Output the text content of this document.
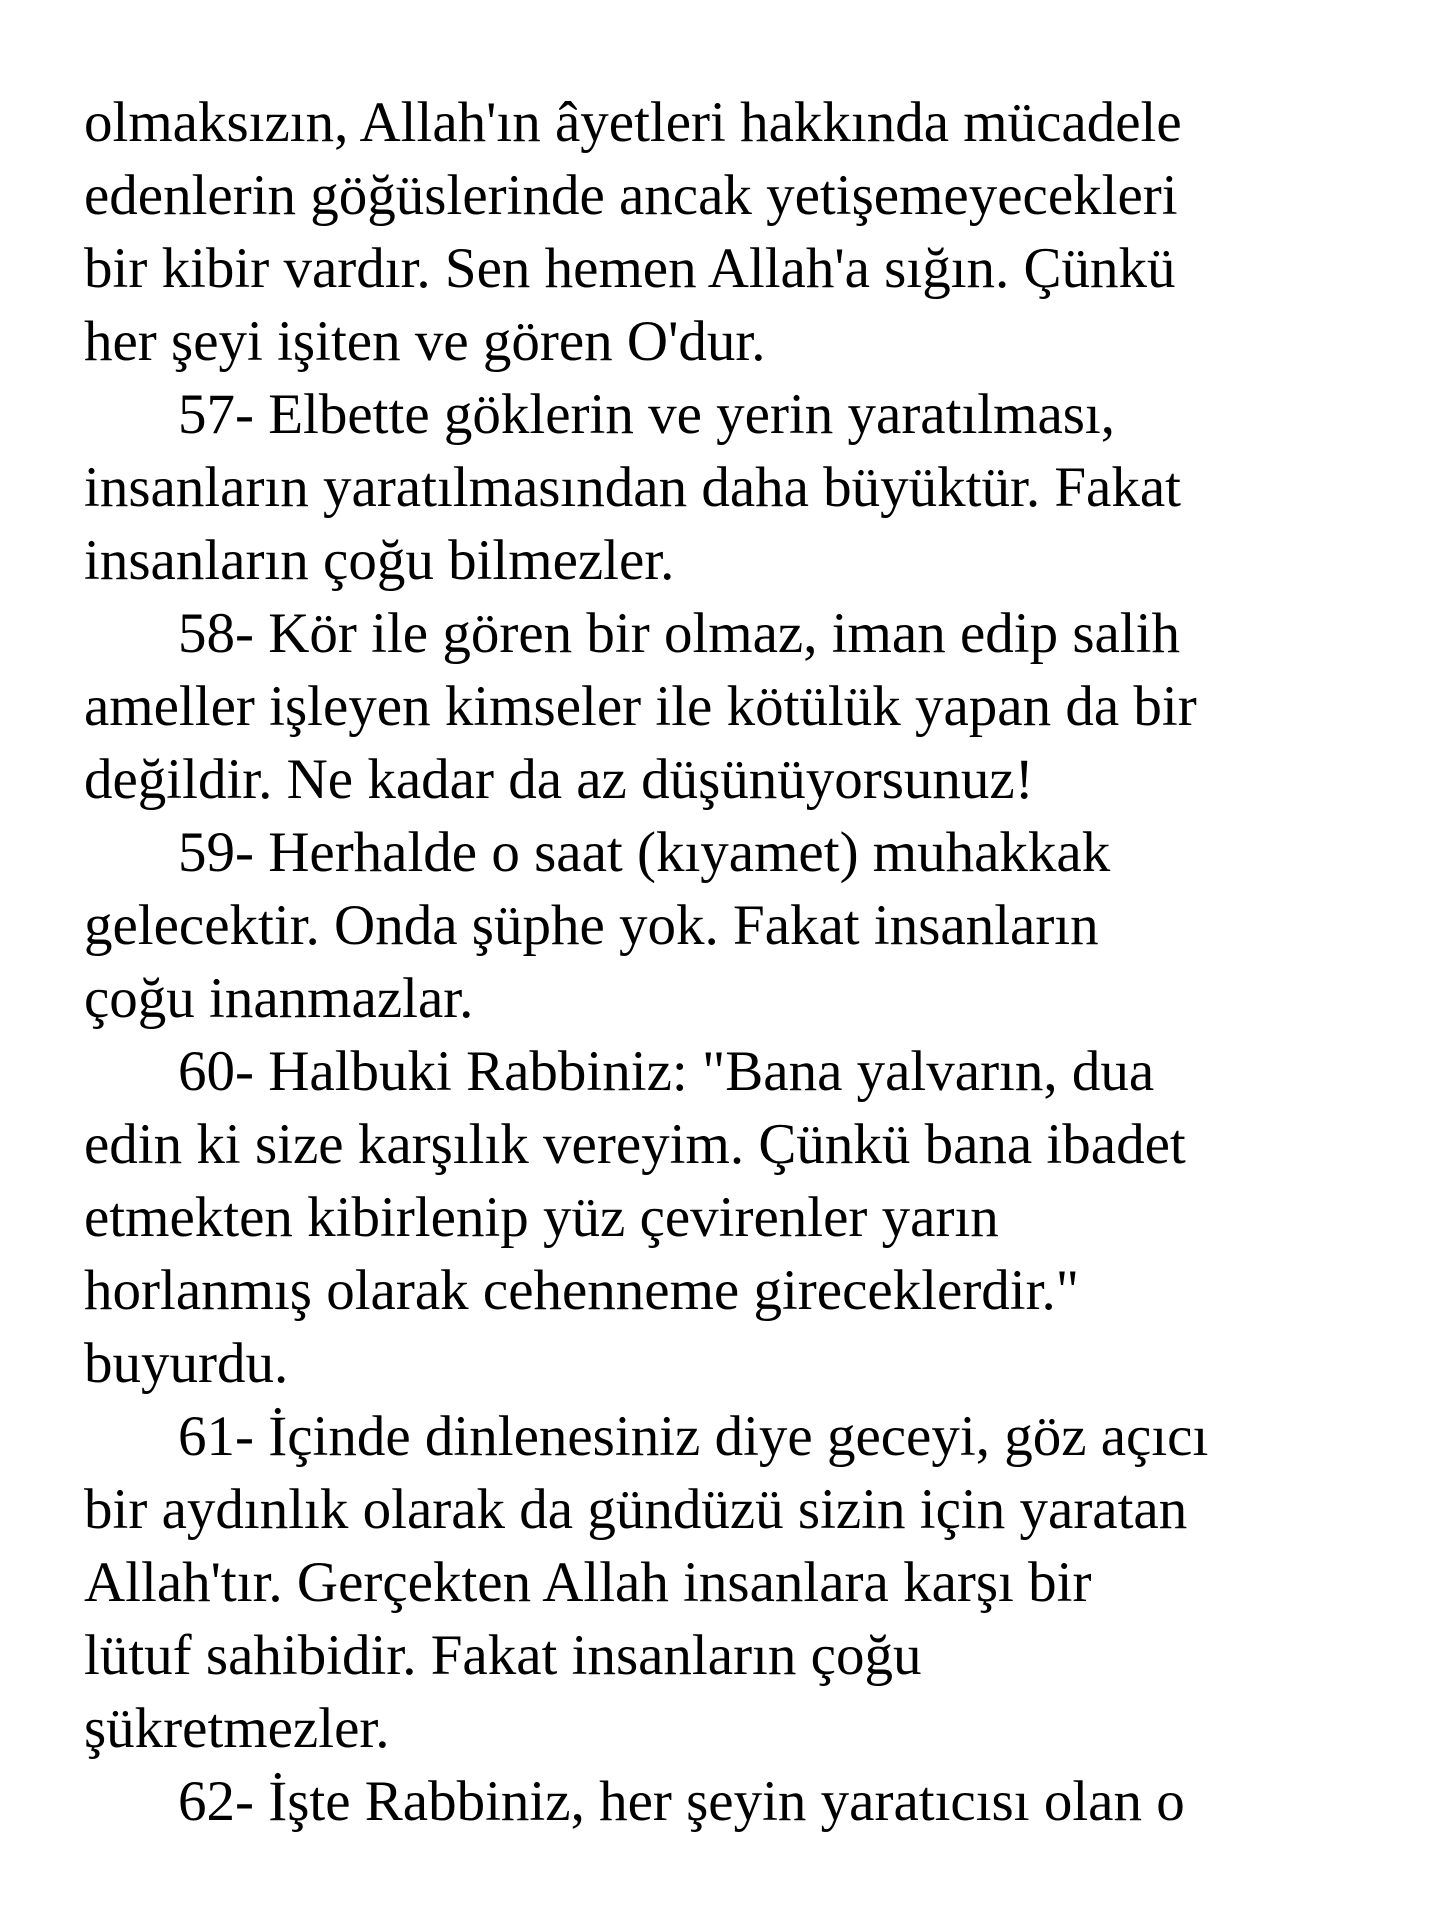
olmaksızın, Allah'ın âyetleri hakkında mücadele
edenlerin göğüslerinde ancak yetişemeyecekleri
bir kibir vardır. Sen hemen Allah'a sığın. Çünkü
her şeyi işiten ve gören O'dur.
57- Elbette göklerin ve yerin yaratılması,
insanların yaratılmasından daha büyüktür. Fakat
insanların çoğu bilmezler.
58- Kör ile gören bir olmaz, iman edip salih
ameller işleyen kimseler ile kötülük yapan da bir
değildir. Ne kadar da az düşünüyorsunuz!
59- Herhalde o saat (kıyamet) muhakkak
gelecektir. Onda şüphe yok. Fakat insanların
çoğu inanmazlar.
60- Halbuki Rabbiniz: "Bana yalvarın, dua
edin ki size karşılık vereyim. Çünkü bana ibadet
etmekten kibirlenip yüz çevirenler yarın
horlanmış olarak cehenneme gireceklerdir."
buyurdu.
61- İçinde dinlenesiniz diye geceyi, göz açıcı
bir aydınlık olarak da gündüzü sizin için yaratan
Allah'tır. Gerçekten Allah insanlara karşı bir
lütuf sahibidir. Fakat insanların çoğu
şükretmezler.
62- İşte Rabbiniz, her şeyin yaratıcısı olan o
